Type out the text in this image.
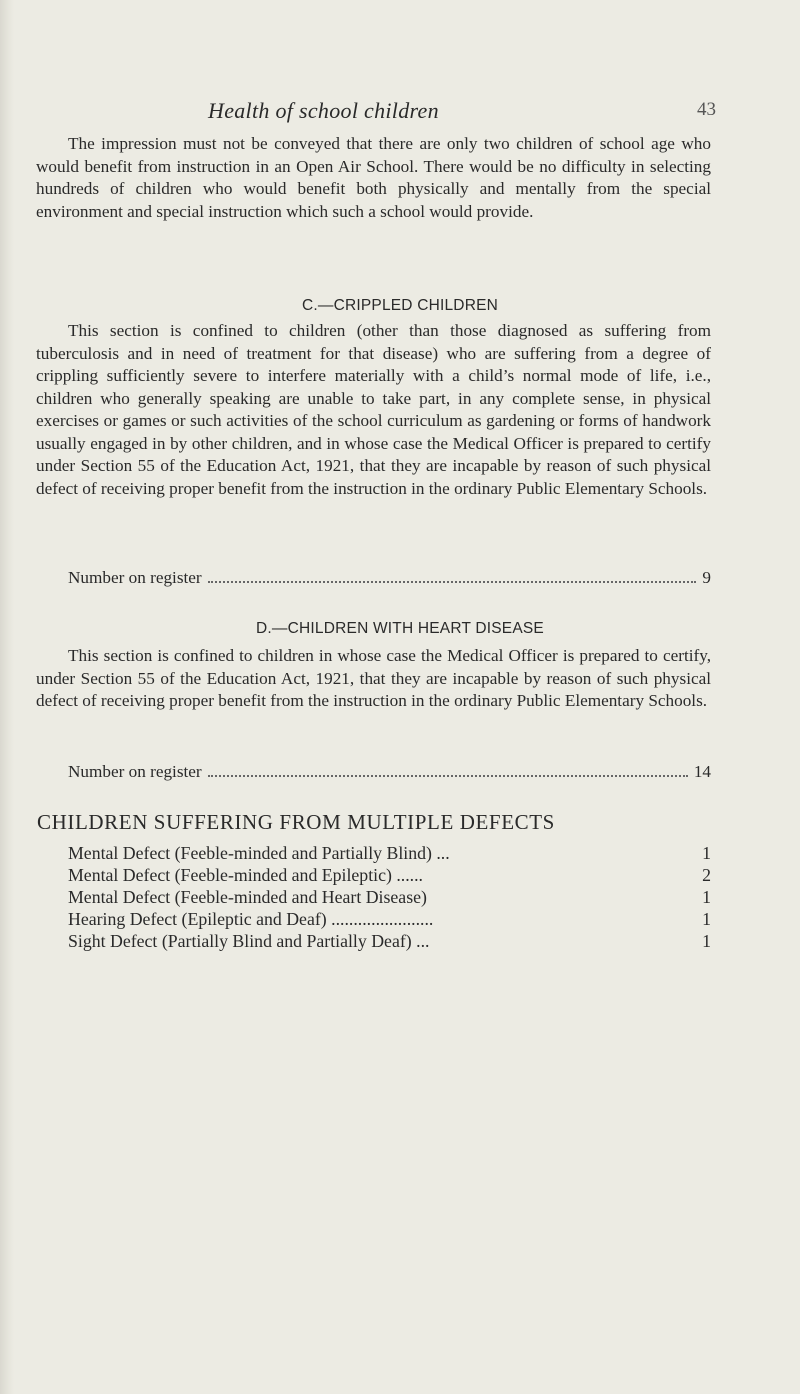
Health of school children	43

The impression must not be conveyed that there are only two children of school age who would benefit from instruction in an Open Air School. There would be no difficulty in selecting hundreds of children who would benefit both physically and mentally from the special environment and special instruction which such a school would provide.

C.—CRIPPLED CHILDREN

This section is confined to children (other than those diagnosed as suffering from tuberculosis and in need of treatment for that disease) who are suffering from a degree of crippling sufficiently severe to interfere materially with a child’s normal mode of life, i.e., children who generally speaking are unable to take part, in any complete sense, in physical exercises or games or such activities of the school curriculum as gardening or forms of handwork usually engaged in by other children, and in whose case the Medical Officer is prepared to certify under Section 55 of the Education Act, 1921, that they are incapable by reason of such physical defect of receiving proper benefit from the instruction in the ordinary Public Elementary Schools.

Number on register	9
D.—CHILDREN WITH HEART DISEASE

This section is confined to children in whose case the Medical Officer is prepared to certify, under Section 55 of the Education Act, 1921, that they are incapable by reason of such physical defect of receiving proper benefit from the instruction in the ordinary Public Elementary Schools.

Number on register	14
CHILDREN SUFFERING FROM MULTIPLE DEFECTS
Mental Defect (Feeble-minded and Partially Blind) ...	1
Mental Defect (Feeble-minded and Epileptic) ......	2
Mental Defect (Feeble-minded and Heart Disease)	1
Hearing Defect (Epileptic and Deaf) .......................	1
Sight Defect (Partially Blind and Partially Deaf) ...	1
